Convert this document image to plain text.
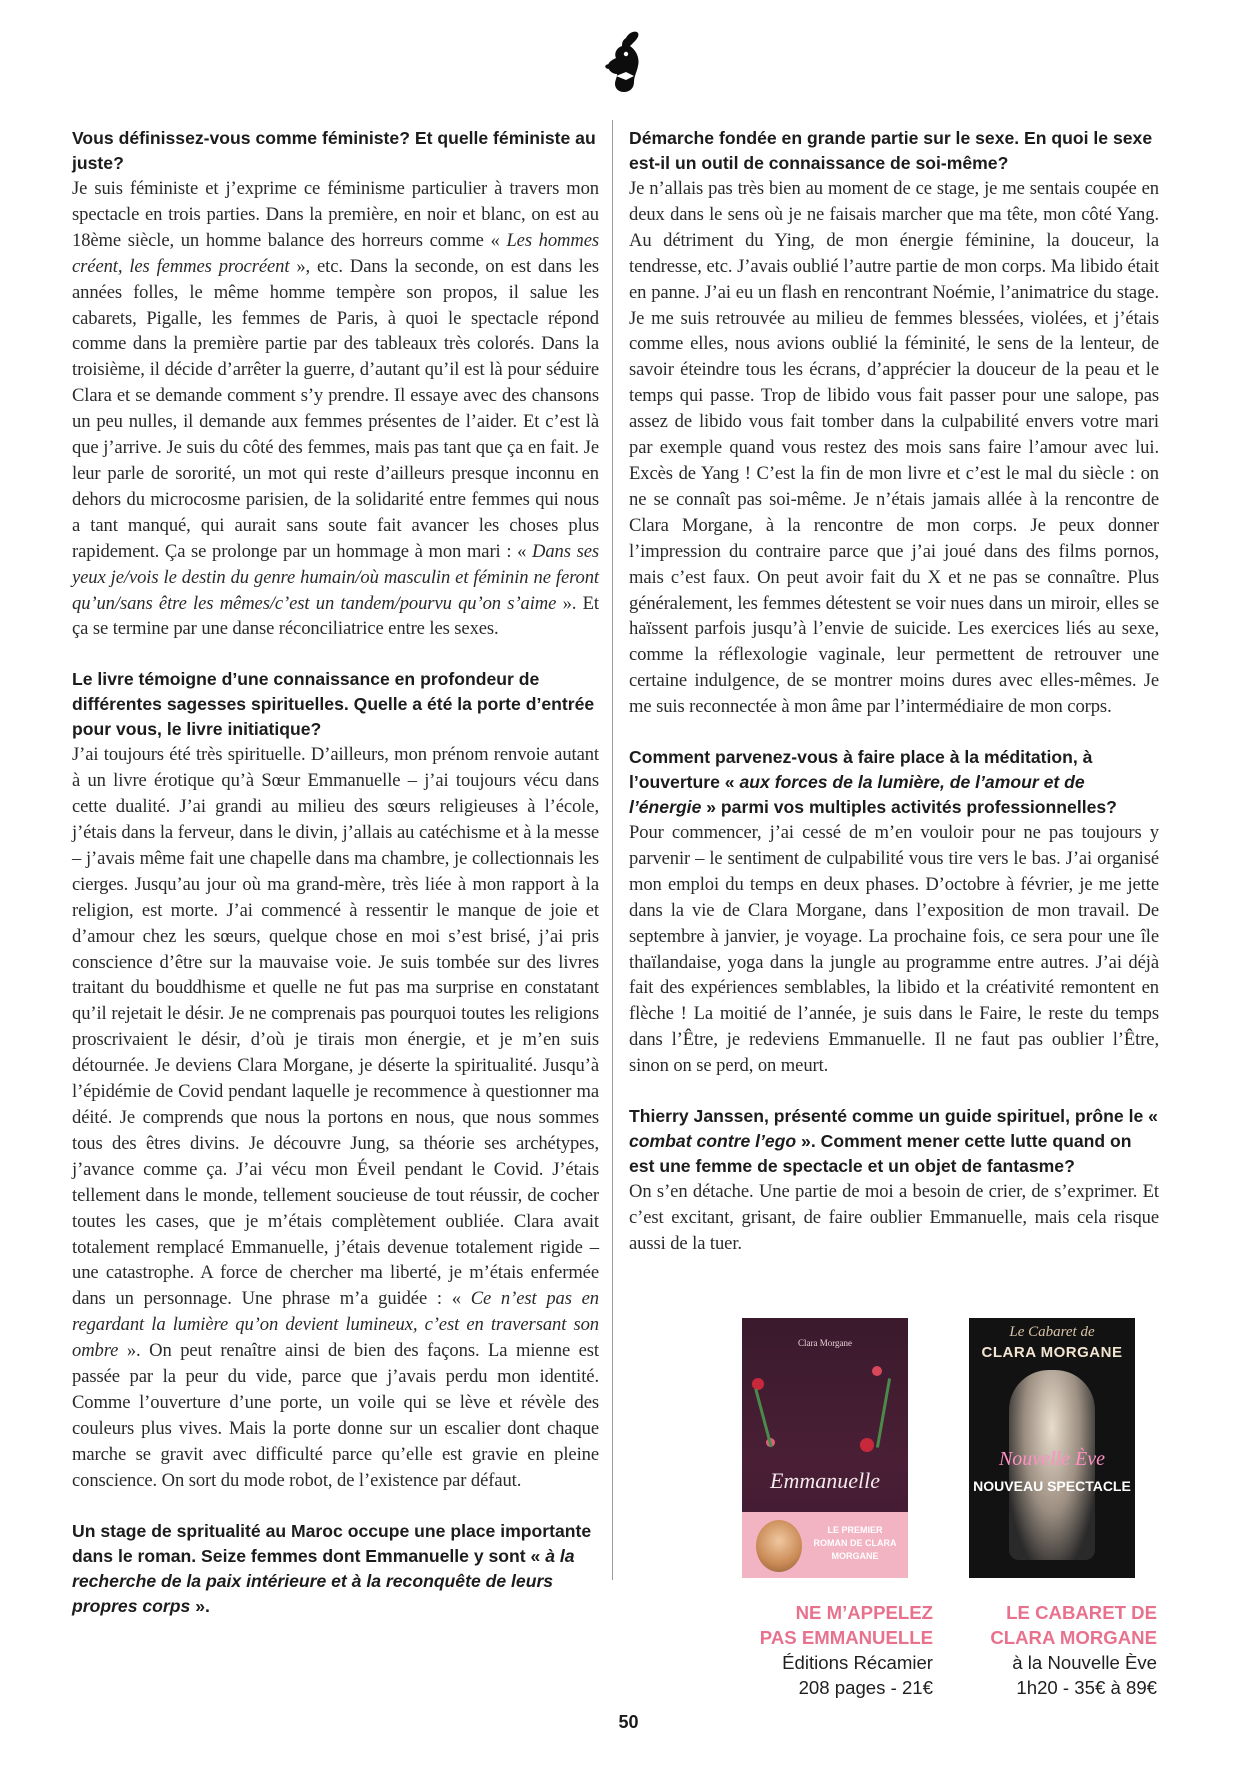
Vous définissez-vous comme féministe? Et quelle féministe au juste?

Je suis féministe et j’exprime ce féminisme particulier à travers mon spectacle en trois parties. Dans la première, en noir et blanc, on est au 18ème siècle, un homme balance des horreurs comme « Les hommes créent, les femmes procréent », etc. Dans la seconde, on est dans les années folles, le même homme tempère son propos, il salue les cabarets, Pigalle, les femmes de Paris, à quoi le spectacle répond comme dans la première partie par des tableaux très colorés. Dans la troisième, il décide d’arrêter la guerre, d’autant qu’il est là pour séduire Clara et se demande comment s’y prendre. Il essaye avec des chansons un peu nulles, il demande aux femmes présentes de l’aider. Et c’est là que j’arrive. Je suis du côté des femmes, mais pas tant que ça en fait. Je leur parle de sororité, un mot qui reste d’ailleurs presque inconnu en dehors du microcosme parisien, de la solidarité entre femmes qui nous a tant manqué, qui aurait sans soute fait avancer les choses plus rapidement. Ça se prolonge par un hommage à mon mari : « Dans ses yeux je/vois le destin du genre humain/où masculin et féminin ne feront qu’un/sans être les mêmes/c’est un tandem/pourvu qu’on s’aime ». Et ça se termine par une danse réconciliatrice entre les sexes.

Le livre témoigne d’une connaissance en profondeur de différentes sagesses spirituelles. Quelle a été la porte d’entrée pour vous, le livre initiatique?

J’ai toujours été très spirituelle. D’ailleurs, mon prénom renvoie autant à un livre érotique qu’à Sœur Emmanuelle – j’ai toujours vécu dans cette dualité. J’ai grandi au milieu des sœurs religieuses à l’école, j’étais dans la ferveur, dans le divin, j’allais au catéchisme et à la messe – j’avais même fait une chapelle dans ma chambre, je collectionnais les cierges. Jusqu’au jour où ma grand-mère, très liée à mon rapport à la religion, est morte. J’ai commencé à ressentir le manque de joie et d’amour chez les sœurs, quelque chose en moi s’est brisé, j’ai pris conscience d’être sur la mauvaise voie. Je suis tombée sur des livres traitant du bouddhisme et quelle ne fut pas ma surprise en constatant qu’il rejetait le désir. Je ne comprenais pas pourquoi toutes les religions proscrivaient le désir, d’où je tirais mon énergie, et je m’en suis détournée. Je deviens Clara Morgane, je déserte la spiritualité. Jusqu’à l’épidémie de Covid pendant laquelle je recommence à questionner ma déité. Je comprends que nous la portons en nous, que nous sommes tous des êtres divins. Je découvre Jung, sa théorie ses archétypes, j’avance comme ça. J’ai vécu mon Éveil pendant le Covid. J’étais tellement dans le monde, tellement soucieuse de tout réussir, de cocher toutes les cases, que je m’étais complètement oubliée. Clara avait totalement remplacé Emmanuelle, j’étais devenue totalement rigide – une catastrophe. A force de chercher ma liberté, je m’étais enfermée dans un personnage. Une phrase m’a guidée : « Ce n’est pas en regardant la lumière qu’on devient lumineux, c’est en traversant son ombre ». On peut renaître ainsi de bien des façons. La mienne est passée par la peur du vide, parce que j’avais perdu mon identité. Comme l’ouverture d’une porte, un voile qui se lève et révèle des couleurs plus vives. Mais la porte donne sur un escalier dont chaque marche se gravit avec difficulté parce qu’elle est gravie en pleine conscience. On sort du mode robot, de l’existence par défaut.

Un stage de spritualité au Maroc occupe une place importante dans le roman. Seize femmes dont Emmanuelle y sont « à la recherche de la paix intérieure et à la reconquête de leurs propres corps ».

Démarche fondée en grande partie sur le sexe. En quoi le sexe est-il un outil de connaissance de soi-même?

Je n’allais pas très bien au moment de ce stage, je me sentais coupée en deux dans le sens où je ne faisais marcher que ma tête, mon côté Yang. Au détriment du Ying, de mon énergie féminine, la douceur, la tendresse, etc. J’avais oublié l’autre partie de mon corps. Ma libido était en panne. J’ai eu un flash en rencontrant Noémie, l’animatrice du stage. Je me suis retrouvée au milieu de femmes blessées, violées, et j’étais comme elles, nous avions oublié la féminité, le sens de la lenteur, de savoir éteindre tous les écrans, d’apprécier la douceur de la peau et le temps qui passe. Trop de libido vous fait passer pour une salope, pas assez de libido vous fait tomber dans la culpabilité envers votre mari par exemple quand vous restez des mois sans faire l’amour avec lui. Excès de Yang ! C’est la fin de mon livre et c’est le mal du siècle : on ne se connaît pas soi-même. Je n’étais jamais allée à la rencontre de Clara Morgane, à la rencontre de mon corps. Je peux donner l’impression du contraire parce que j’ai joué dans des films pornos, mais c’est faux. On peut avoir fait du X et ne pas se connaître. Plus généralement, les femmes détestent se voir nues dans un miroir, elles se haïssent parfois jusqu’à l’envie de suicide. Les exercices liés au sexe, comme la réflexologie vaginale, leur permettent de retrouver une certaine indulgence, de se montrer moins dures avec elles-mêmes. Je me suis reconnectée à mon âme par l’intermédiaire de mon corps.

Comment parvenez-vous à faire place à la méditation, à l’ouverture « aux forces de la lumière, de l’amour et de l’énergie » parmi vos multiples activités professionnelles?

Pour commencer, j’ai cessé de m’en vouloir pour ne pas toujours y parvenir – le sentiment de culpabilité vous tire vers le bas. J’ai organisé mon emploi du temps en deux phases. D’octobre à février, je me jette dans la vie de Clara Morgane, dans l’exposition de mon travail. De septembre à janvier, je voyage. La prochaine fois, ce sera pour une île thaïlandaise, yoga dans la jungle au programme entre autres. J’ai déjà fait des expériences semblables, la libido et la créativité remontent en flèche ! La moitié de l’année, je suis dans le Faire, le reste du temps dans l’Être, je redeviens Emmanuelle. Il ne faut pas oublier l’Être, sinon on se perd, on meurt.

Thierry Janssen, présenté comme un guide spirituel, prône le « combat contre l’ego ». Comment mener cette lutte quand on est une femme de spectacle et un objet de fantasme?

On s’en détache. Une partie de moi a besoin de crier, de s’exprimer. Et c’est excitant, grisant, de faire oublier Emmanuelle, mais cela risque aussi de la tuer.

Clara Morgane
Emmanuelle
LE PREMIER ROMAN DE CLARA MORGANE
Le Cabaret de
CLARA MORGANE
Nouvelle Ève
NOUVEAU SPECTACLE

NE M’APPELEZ

PAS EMMANUELLE

Éditions Récamier

208 pages - 21€

LE CABARET DE

CLARA MORGANE

à la Nouvelle Ève

1h20 - 35€ à 89€

50
